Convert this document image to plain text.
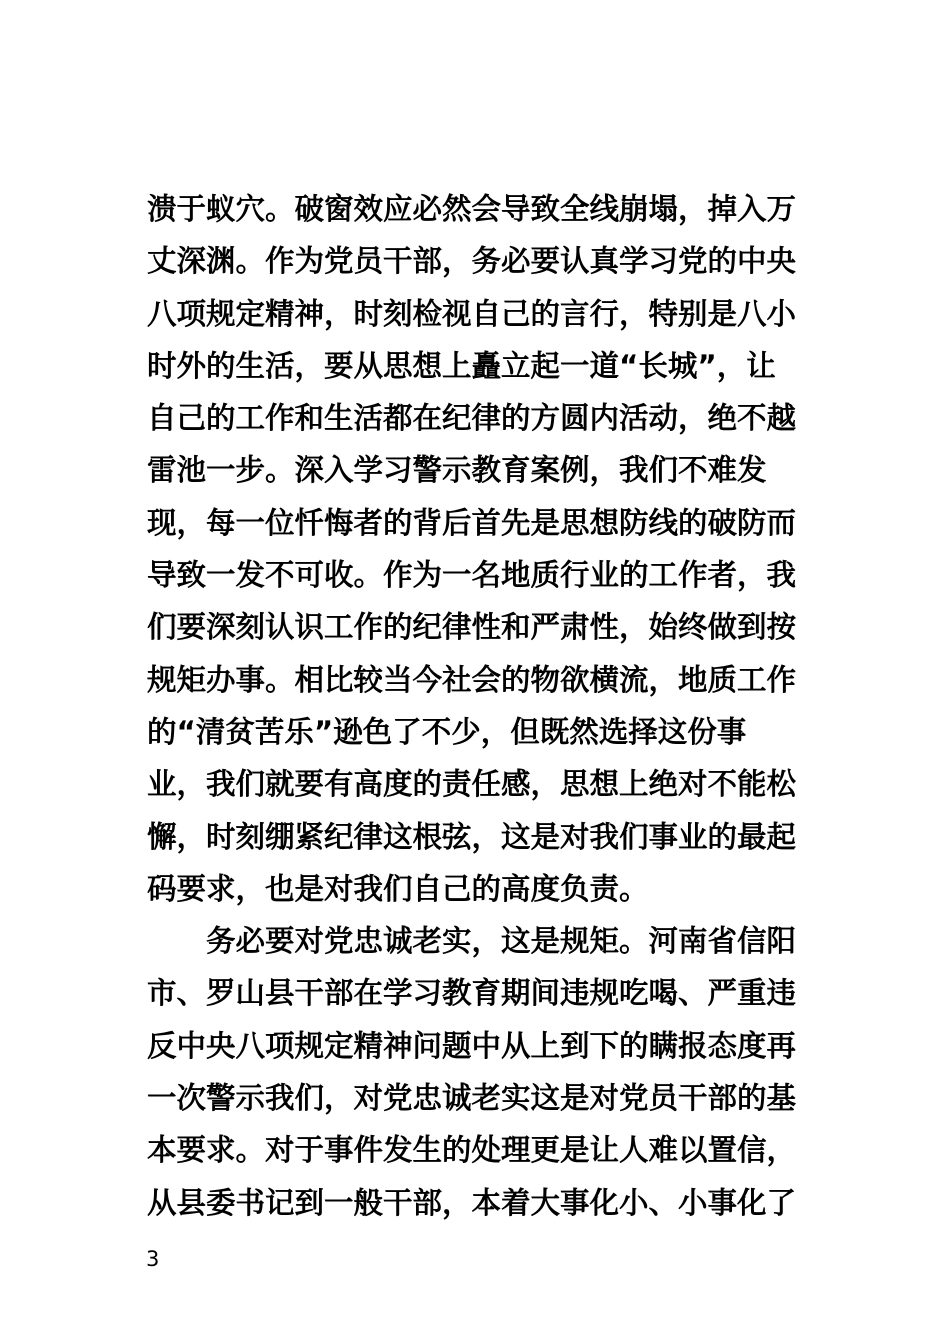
溃于蚁穴。破窗效应必然会导致全线崩塌，掉入万
丈深渊。作为党员干部，务必要认真学习党的中央
八项规定精神，时刻检视自己的言行，特别是八小
时外的生活，要从思想上矗立起一道“长城”，让
自己的工作和生活都在纪律的方圆内活动，绝不越
雷池一步。深入学习警示教育案例，我们不难发
现，每一位忏悔者的背后首先是思想防线的破防而
导致一发不可收。作为一名地质行业的工作者，我
们要深刻认识工作的纪律性和严肃性，始终做到按
规矩办事。相比较当今社会的物欲横流，地质工作
的“清贫苦乐”逊色了不少，但既然选择这份事
业，我们就要有高度的责任感，思想上绝对不能松
懈，时刻绷紧纪律这根弦，这是对我们事业的最起
码要求，也是对我们自己的高度负责。
务必要对党忠诚老实，这是规矩。河南省信阳
市、罗山县干部在学习教育期间违规吃喝、严重违
反中央八项规定精神问题中从上到下的瞒报态度再
一次警示我们，对党忠诚老实这是对党员干部的基
本要求。对于事件发生的处理更是让人难以置信，
从县委书记到一般干部，本着大事化小、小事化了
3
